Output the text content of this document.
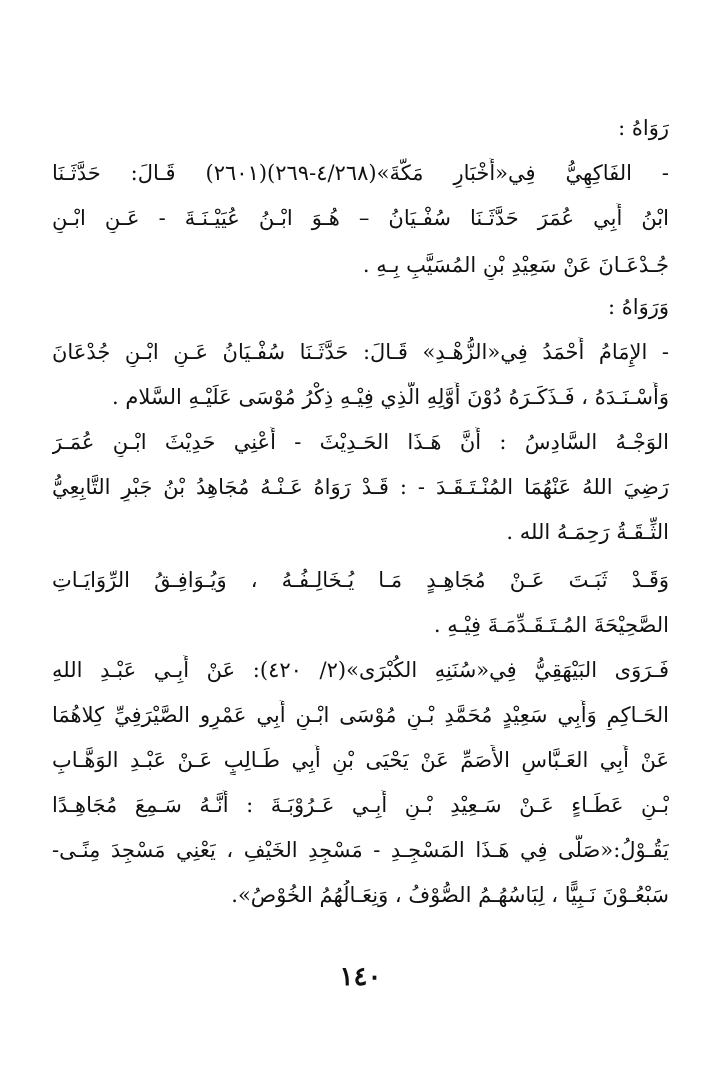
رَوَاهُ :
- الفَاكِهِيُّ فِي«أَخْبَارِ مَكَّةَ»(٤/٢٦٨-٢٦٩)(٢٦٠١) قَـالَ: حَدَّثَـنَا
ابْنُ أَبِي عُمَرَ حَدَّثَـنَا سُفْـيَانُ – هُـوَ ابْـنُ عُيَيْـنَـةَ - عَـنِ ابْـنِ
جُـدْعَـانَ عَنْ سَعِيْدِ بْنِ المُسَيَّبِ بِـهِ .
وَرَوَاهُ :
- الإِمَامُ أَحْمَدُ فِي«الزُّهْـدِ» قَـالَ: حَدَّثَـنَا سُفْـيَانُ عَـنِ ابْـنِ جُدْعَانَ
وَأَسْـنَـدَهُ ، فَـذَكَـرَهُ دُوْنَ أَوَّلِهِ الَّذِي فِيْـهِ ذِكْرُ مُوْسَى عَلَيْـهِ السَّلام .
الوَجْـهُ السَّادِسُ : أَنَّ هَـذَا الحَـدِيْثَ - أَعْنِي حَدِيْثَ ابْـنِ عُمَـرَ
رَضِيَ اللهُ عَنْهُمَا المُنْـتَـقَـدَ - : قَـدْ رَوَاهُ عَـنْـهُ مُجَاهِدُ بْنُ جَبْرٍ التَّابِعِيُّ
الثِّـقَـةُ رَحِمَـهُ الله .
وَقَـدْ ثَبَـتَ عَـنْ مُجَاهِـدٍ مَـا يُـخَالِـفُـهُ ، وَيُـوَافِـقُ الرِّوَايَـاتِ
الصَّحِيْحَةَ المُـتَـقَـدِّمَـةَ فِيْـهِ .
فَـرَوَى البَيْهَقِيُّ فِي«سُنَنِهِ الكُبْرَى»(٢/ ٤٢٠): عَنْ أَبِـي عَبْـدِ اللهِ
الحَـاكِمِ وَأَبِي سَعِيْدٍ مُحَمَّدِ بْـنِ مُوْسَى ابْـنِ أَبِي عَمْرٍو الصَّيْرَفِيِّ كِلاهُمَا
عَنْ أَبِي العَـبَّاسِ الأَصَمِّ عَنْ يَحْيَى بْنِ أَبِي طَـالِبٍ عَـنْ عَبْـدِ الوَهَّـابِ
بْـنِ عَطَـاءٍ عَـنْ سَـعِيْدِ بْـنِ أَبِـي عَـرُوْبَـةَ : أَنَّـهُ سَـمِعَ مُجَاهِـدًا
يَقُـوْلُ:«صَلَّى فِي هَـذَا المَسْجِـدِ - مَسْجِدِ الخَيْفِ ، يَعْنِي مَسْجِدَ مِنًـى-
سَبْعُـوْنَ نَـبِيًّا ، لِبَاسُهُـمُ الصُّوْفُ ، وَنِعَـالُهُمُ الخُوْصُ».
١٤٠
